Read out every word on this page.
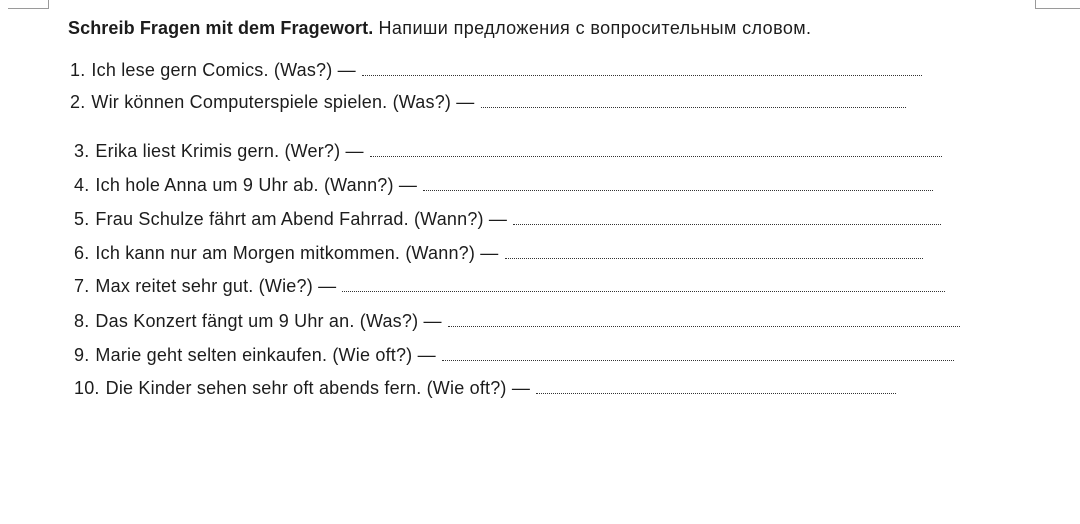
Schreib Fragen mit dem Fragewort. Напиши предложения с вопросительным словом.
1. Ich lese gern Comics. (Was?) —
2. Wir können Computerspiele spielen. (Was?) —
3. Erika liest Krimis gern. (Wer?) —
4. Ich hole Anna um 9 Uhr ab. (Wann?) —
5. Frau Schulze fährt am Abend Fahrrad. (Wann?) —
6. Ich kann nur am Morgen mitkommen. (Wann?) —
7. Max reitet sehr gut. (Wie?) —
8. Das Konzert fängt um 9 Uhr an. (Was?) —
9. Marie geht selten einkaufen. (Wie oft?) —
10. Die Kinder sehen sehr oft abends fern. (Wie oft?) —
